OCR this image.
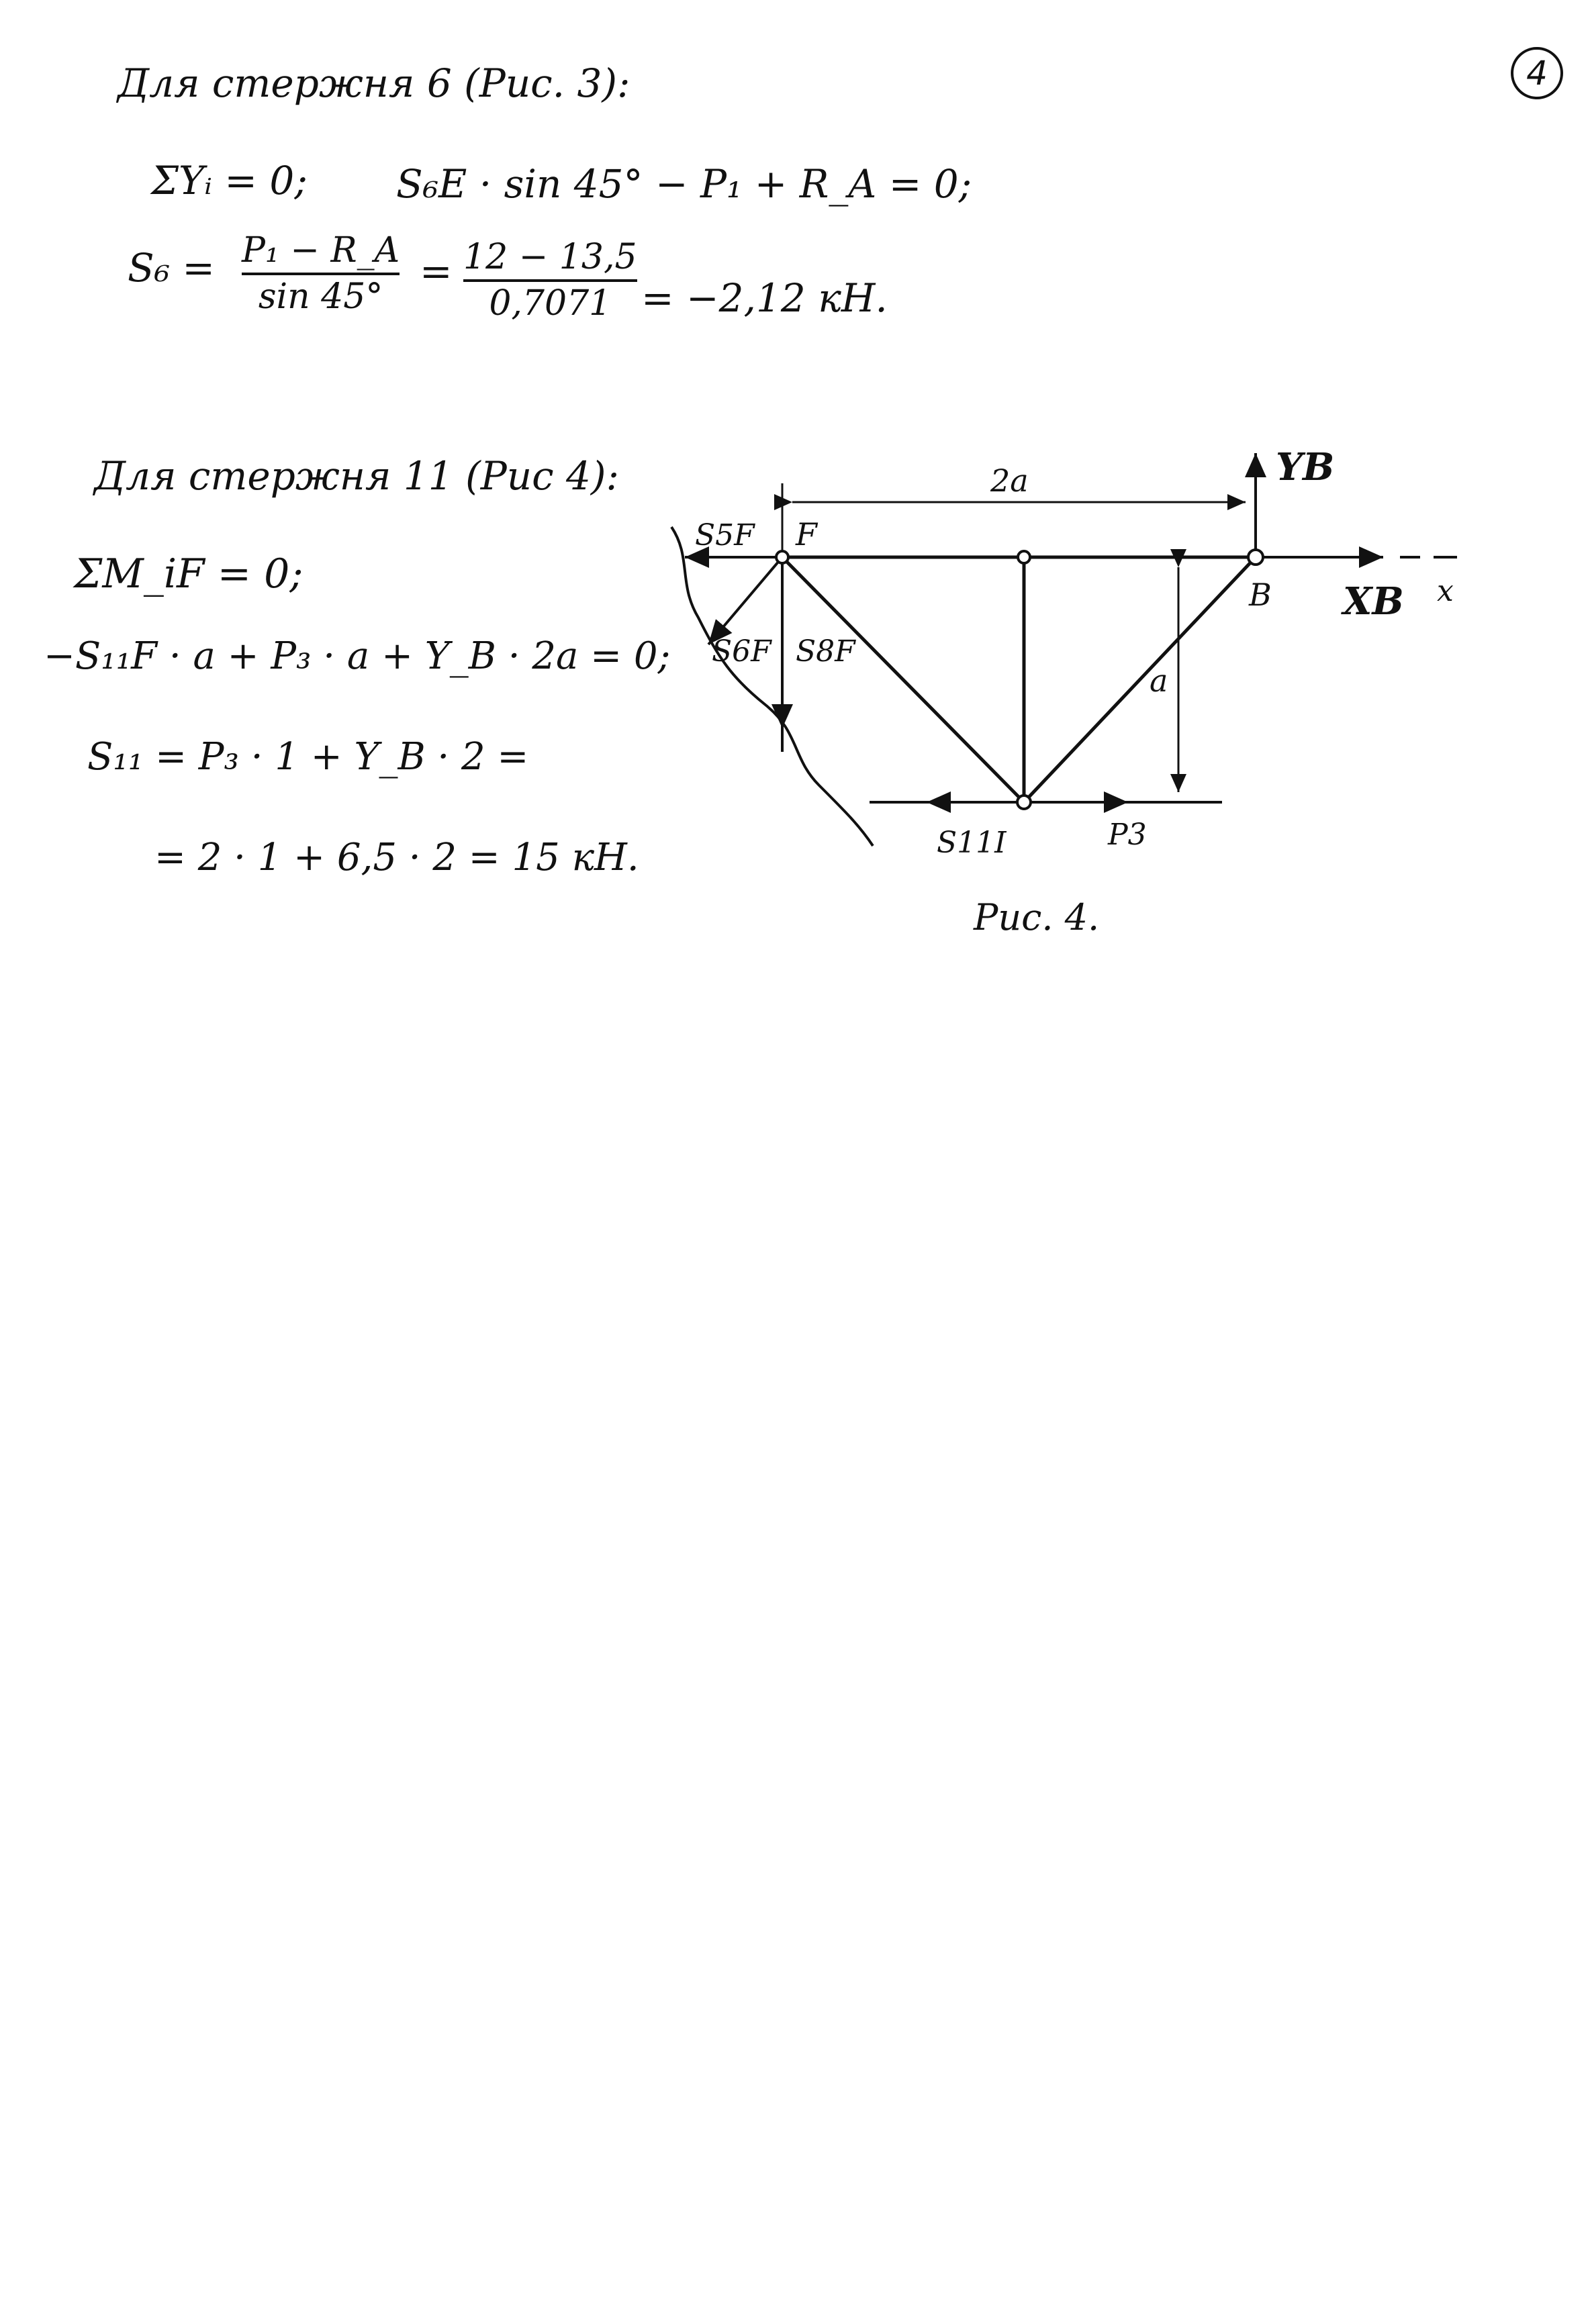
4
Для стержня 6 (Рис. 3):
ΣYᵢ = 0; S₆E · sin 45° − P₁ + R_A = 0;
S₆ = P₁ − R_A
sin 45°
= 12 − 13,5
0,7071 = −2,12 кН.
Для стержня 11 (Рис 4):
ΣM_iF = 0;
−S₁₁F · a + P₃ · a + Y_B · 2a = 0;
S₁₁ = P₃ · 1 + Y_B · 2 =
= 2 · 1 + 6,5 · 2 = 15 кН.
S5F F
B
2a
a
YB
XB x
S6F S8F
S11I	P3
Рис. 4.
